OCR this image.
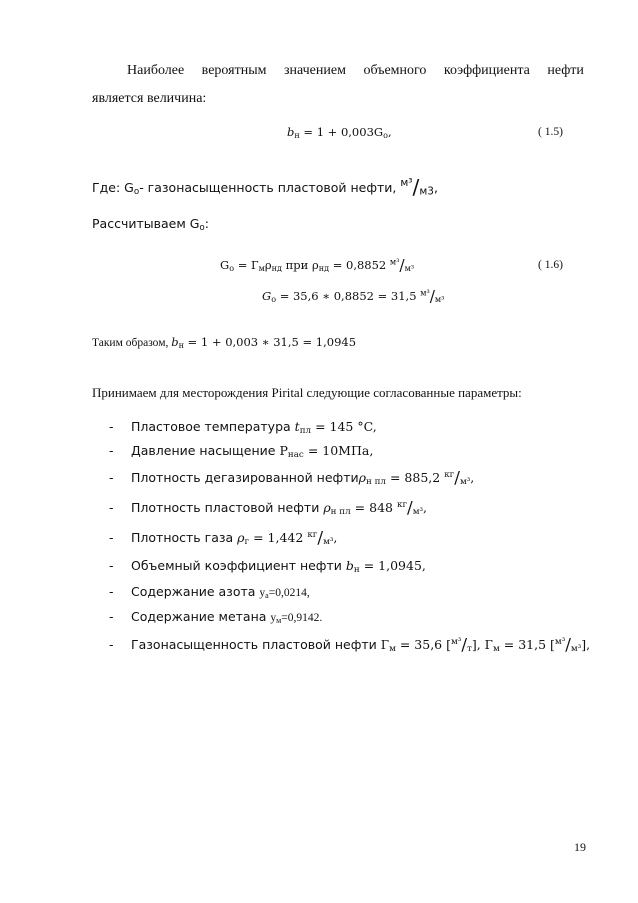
Наиболее вероятным значением объемного коэффициента нефти
является величина:
$b_н = 1 + 0,003G_o$,	( 1.5)
Где: $G_o-$ газонасыщенность пластовой нефти, $^{м^3}/_{м3}$,
Рассчитываем $G_o$:
$G_o = Г_м\rho_{нд}$ при $\rho_{нд} = 0,8852$ $^{м^3}/_{м^3}$	( 1.6)
$G_o = 35,6$ ∗ 0,8852 = 31,5 $^{м^3}/_{м^3}$
Таким образом, $b_н = 1 + 0,003$ ∗ 31,5 = 1,0945
Принимаем для месторождения Pirital следующие согласованные параметры:
- Пластовое температура $t_{пл} = 145$ °C,
- Давление насыщение $Р_{нас} = 10МПа$,
- Плотность дегазированной нефтиρ$_{н пл}$ = 885,2 $^{кг}/_{м^3}$,
- Плотность пластовой нефти $\rho_{н пл} = 848$ $^{кг}/_{м^3}$,
- Плотность газа $\rho_г = 1,442$ $^{кг}/_{м^3}$,
- Объемный коэффициент нефти $b_н = 1,0945$,
- Содержание азота $y_а=0,0214$,
- Содержание метана $y_м=0,9142$.
- Газонасыщенность пластовой нефти $Г_м = 35,6$ $[^{м^3}/_т]$, $Г_м = 31,5$ $[^{м^3}/_{м^3}]$,
19
